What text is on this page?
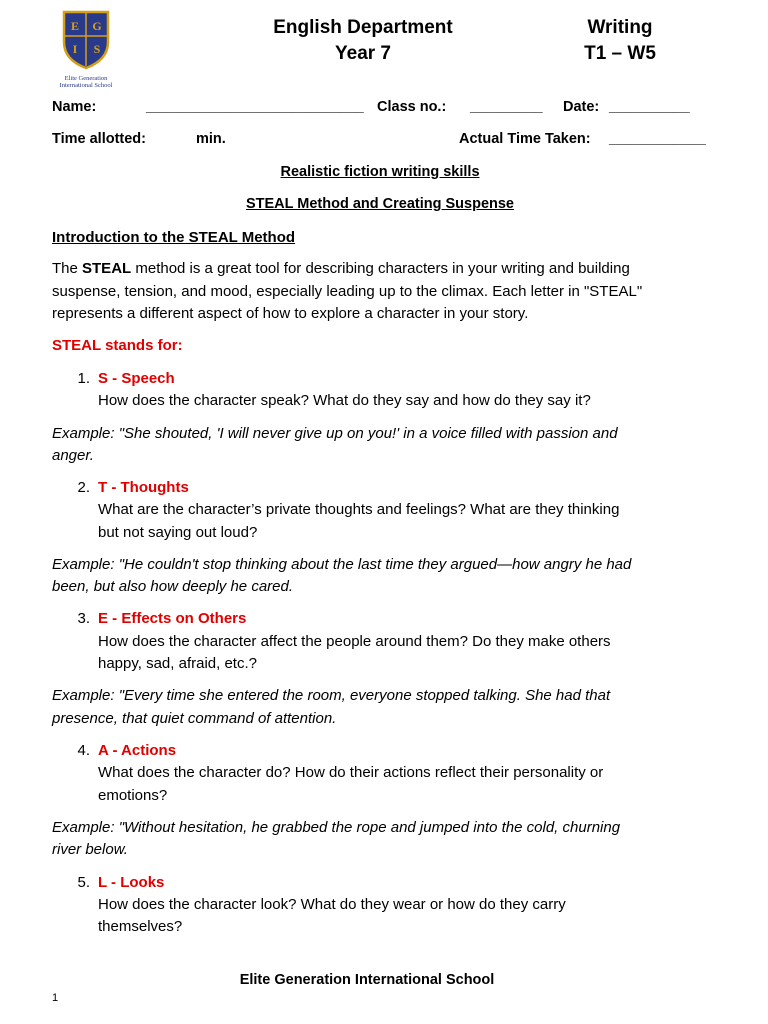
E G
I S
Elite Generation
International School
English Department
Year 7
Writing
T1 – W5
Name:	___________________________ Class no.: _________ Date: __________
Time allotted:	min.	Actual Time Taken: ____________
Realistic fiction writing skills
STEAL Method and Creating Suspense
Introduction to the STEAL Method
The STEAL method is a great tool for describing characters in your writing and building
suspense, tension, and mood, especially leading up to the climax. Each letter in "STEAL"
represents a different aspect of how to explore a character in your story.
STEAL stands for:
1. S - Speech
How does the character speak? What do they say and how do they say it?
Example: "She shouted, 'I will never give up on you!' in a voice filled with passion and
anger.
2. T - Thoughts
What are the character’s private thoughts and feelings? What are they thinking
but not saying out loud?
Example: "He couldn't stop thinking about the last time they argued—how angry he had
been, but also how deeply he cared.
3. E - Effects on Others
How does the character affect the people around them? Do they make others
happy, sad, afraid, etc.?
Example: "Every time she entered the room, everyone stopped talking. She had that
presence, that quiet command of attention.
4. A - Actions
What does the character do? How do their actions reflect their personality or
emotions?
Example: "Without hesitation, he grabbed the rope and jumped into the cold, churning
river below.
5. L - Looks
How does the character look? What do they wear or how do they carry
themselves?
Elite Generation International School
1
